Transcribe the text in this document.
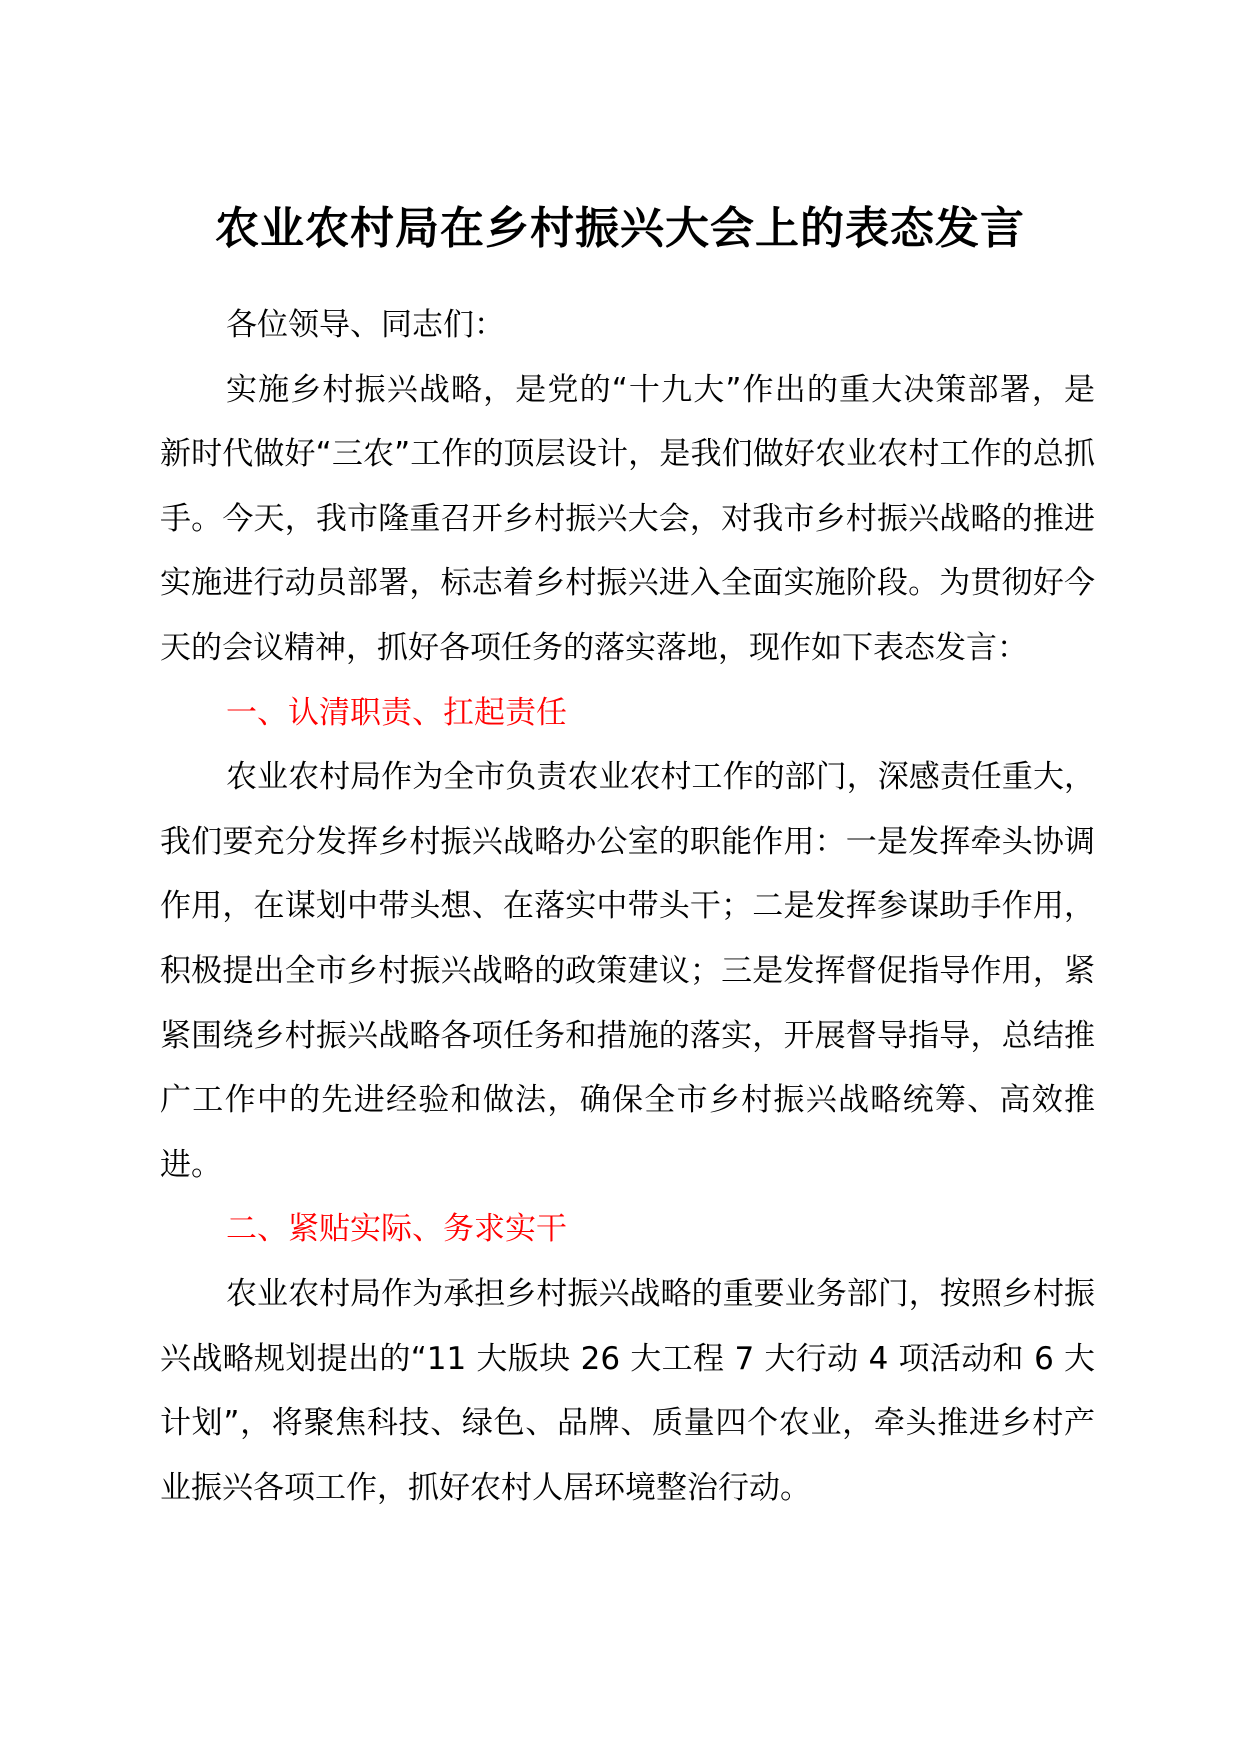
农业农村局在乡村振兴大会上的表态发言

各位领导、同志们：

实施乡村振兴战略，是党的“十九大”作出的重大决策部署，是新时代做好“三农”工作的顶层设计，是我们做好农业农村工作的总抓手。今天，我市隆重召开乡村振兴大会，对我市乡村振兴战略的推进实施进行动员部署，标志着乡村振兴进入全面实施阶段。为贯彻好今天的会议精神，抓好各项任务的落实落地，现作如下表态发言：

一、认清职责、扛起责任

农业农村局作为全市负责农业农村工作的部门，深感责任重大，我们要充分发挥乡村振兴战略办公室的职能作用：一是发挥牵头协调作用，在谋划中带头想、在落实中带头干；二是发挥参谋助手作用，积极提出全市乡村振兴战略的政策建议；三是发挥督促指导作用，紧紧围绕乡村振兴战略各项任务和措施的落实，开展督导指导，总结推广工作中的先进经验和做法，确保全市乡村振兴战略统筹、高效推进。

二、紧贴实际、务求实干

农业农村局作为承担乡村振兴战略的重要业务部门，按照乡村振兴战略规划提出的“11 大版块 26 大工程 7 大行动 4 项活动和 6 大计划”，将聚焦科技、绿色、品牌、质量四个农业，牵头推进乡村产业振兴各项工作，抓好农村人居环境整治行动。
